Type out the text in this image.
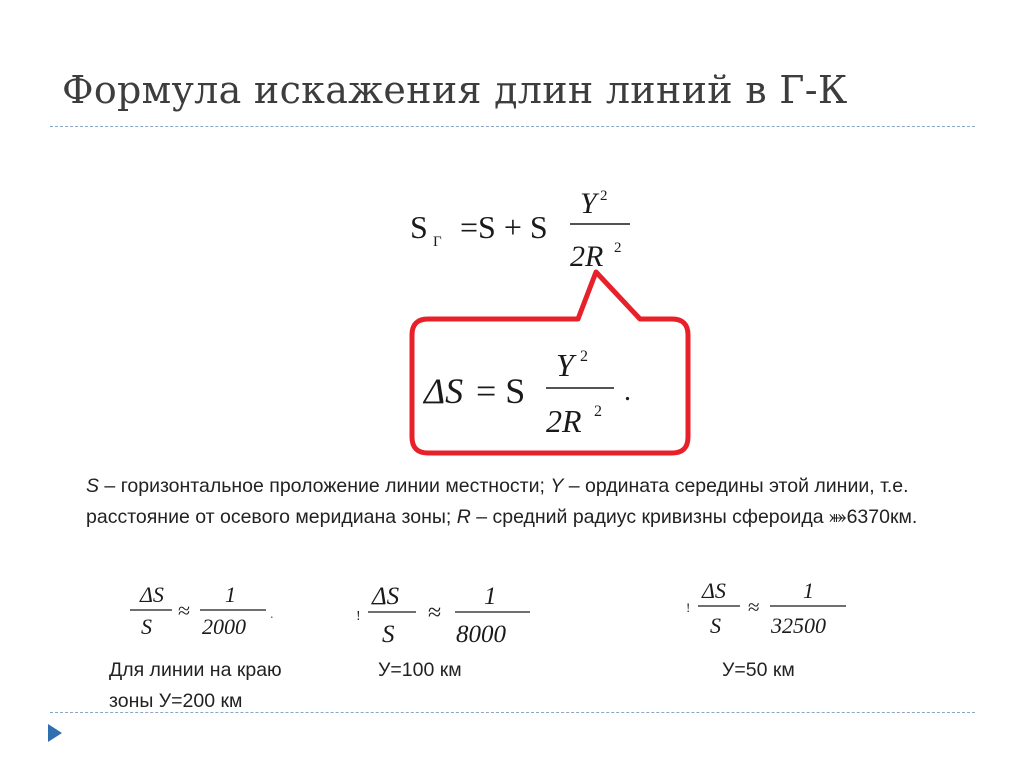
Формула искажения длин линий в Г-К
S Г =S + S
Y 2
2R 2
ΔS = S
Y 2
2R 2
.
ΔS
S
≈
1
2000 .	!
ΔS
S
≈
1
8000
!
ΔS
S
≈
1
32500
S – горизонтальное проложение линии местности; Y – ордината середины этой линии, т.е. расстояние от осевого меридиана зоны; R – средний радиус кривизны сфероида ⤘6370км.
Для линии на краю
зоны У=200 км
У=100 км	У=50 км
